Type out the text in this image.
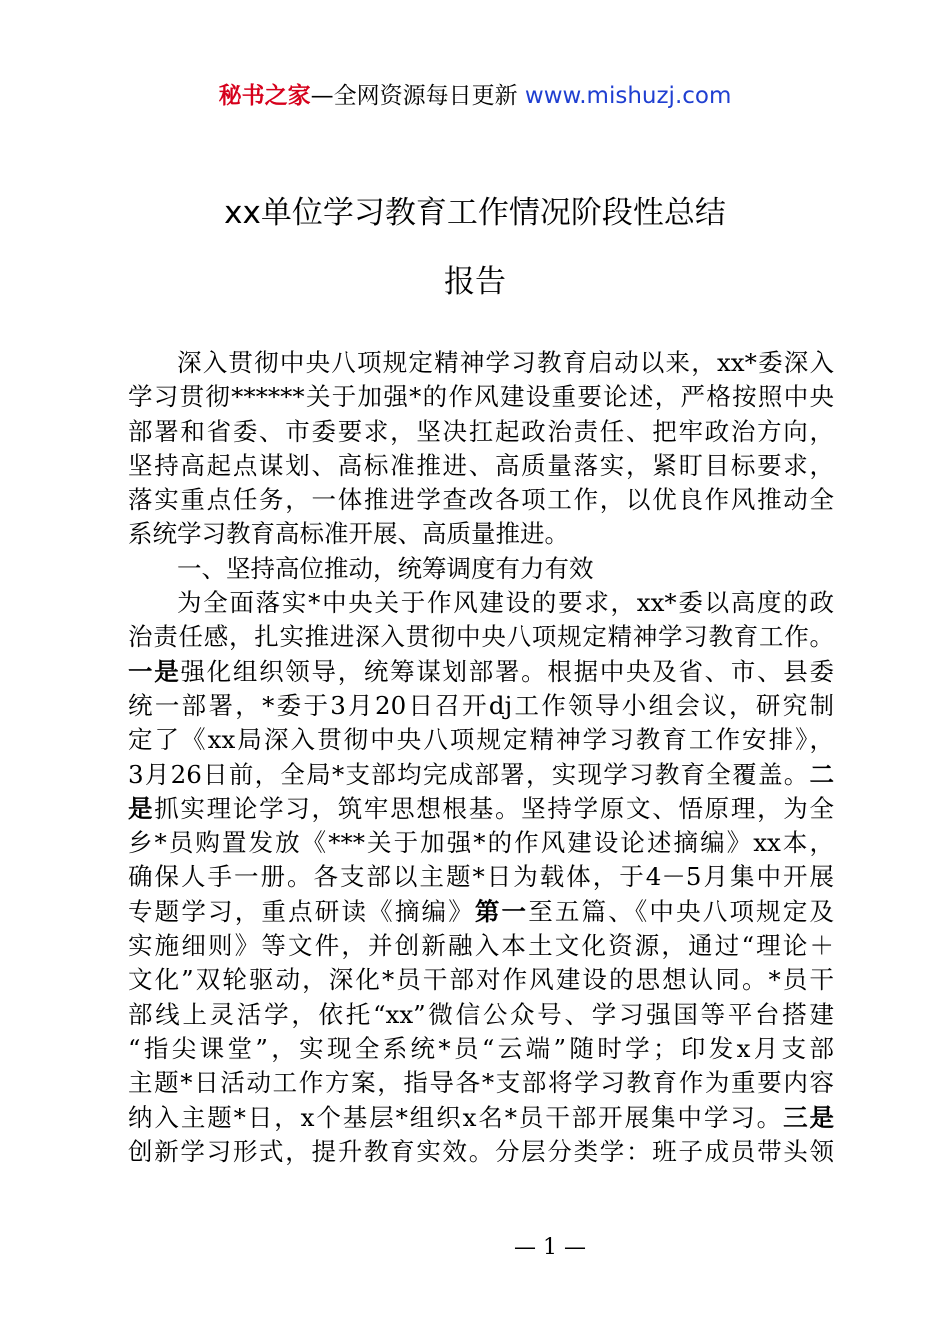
秘书之家—全网资源每日更新 www.mishuzj.com
xx单位学习教育工作情况阶段性总结
报告
深入贯彻中央八项规定精神学习教育启动以来，xx*委深入
学习贯彻******关于加强*的作风建设重要论述，严格按照中央
部署和省委、市委要求，坚决扛起政治责任、把牢政治方向，
坚持高起点谋划、高标准推进、高质量落实，紧盯目标要求，
落实重点任务，一体推进学查改各项工作，以优良作风推动全
系统学习教育高标准开展、高质量推进。
一、坚持高位推动，统筹调度有力有效
为全面落实*中央关于作风建设的要求，xx*委以高度的政
治责任感，扎实推进深入贯彻中央八项规定精神学习教育工作。
一是强化组织领导，统筹谋划部署。根据中央及省、市、县委
统一部署，*委于3月20日召开dj工作领导小组会议，研究制
定了《xx局深入贯彻中央八项规定精神学习教育工作安排》，
3月26日前，全局*支部均完成部署，实现学习教育全覆盖。二
是抓实理论学习，筑牢思想根基。坚持学原文、悟原理，为全
乡*员购置发放《***关于加强*的作风建设论述摘编》xx本，
确保人手一册。各支部以主题*日为载体，于4－5月集中开展
专题学习，重点研读《摘编》第一至五篇、《中央八项规定及
实施细则》等文件，并创新融入本土文化资源，通过“理论＋
文化”双轮驱动，深化*员干部对作风建设的思想认同。*员干
部线上灵活学，依托“xx”微信公众号、学习强国等平台搭建
“指尖课堂”，实现全系统*员“云端”随时学；印发x月支部
主题*日活动工作方案，指导各*支部将学习教育作为重要内容
纳入主题*日，x个基层*组织x名*员干部开展集中学习。三是
创新学习形式，提升教育实效。分层分类学：班子成员带头领
— 1 —
